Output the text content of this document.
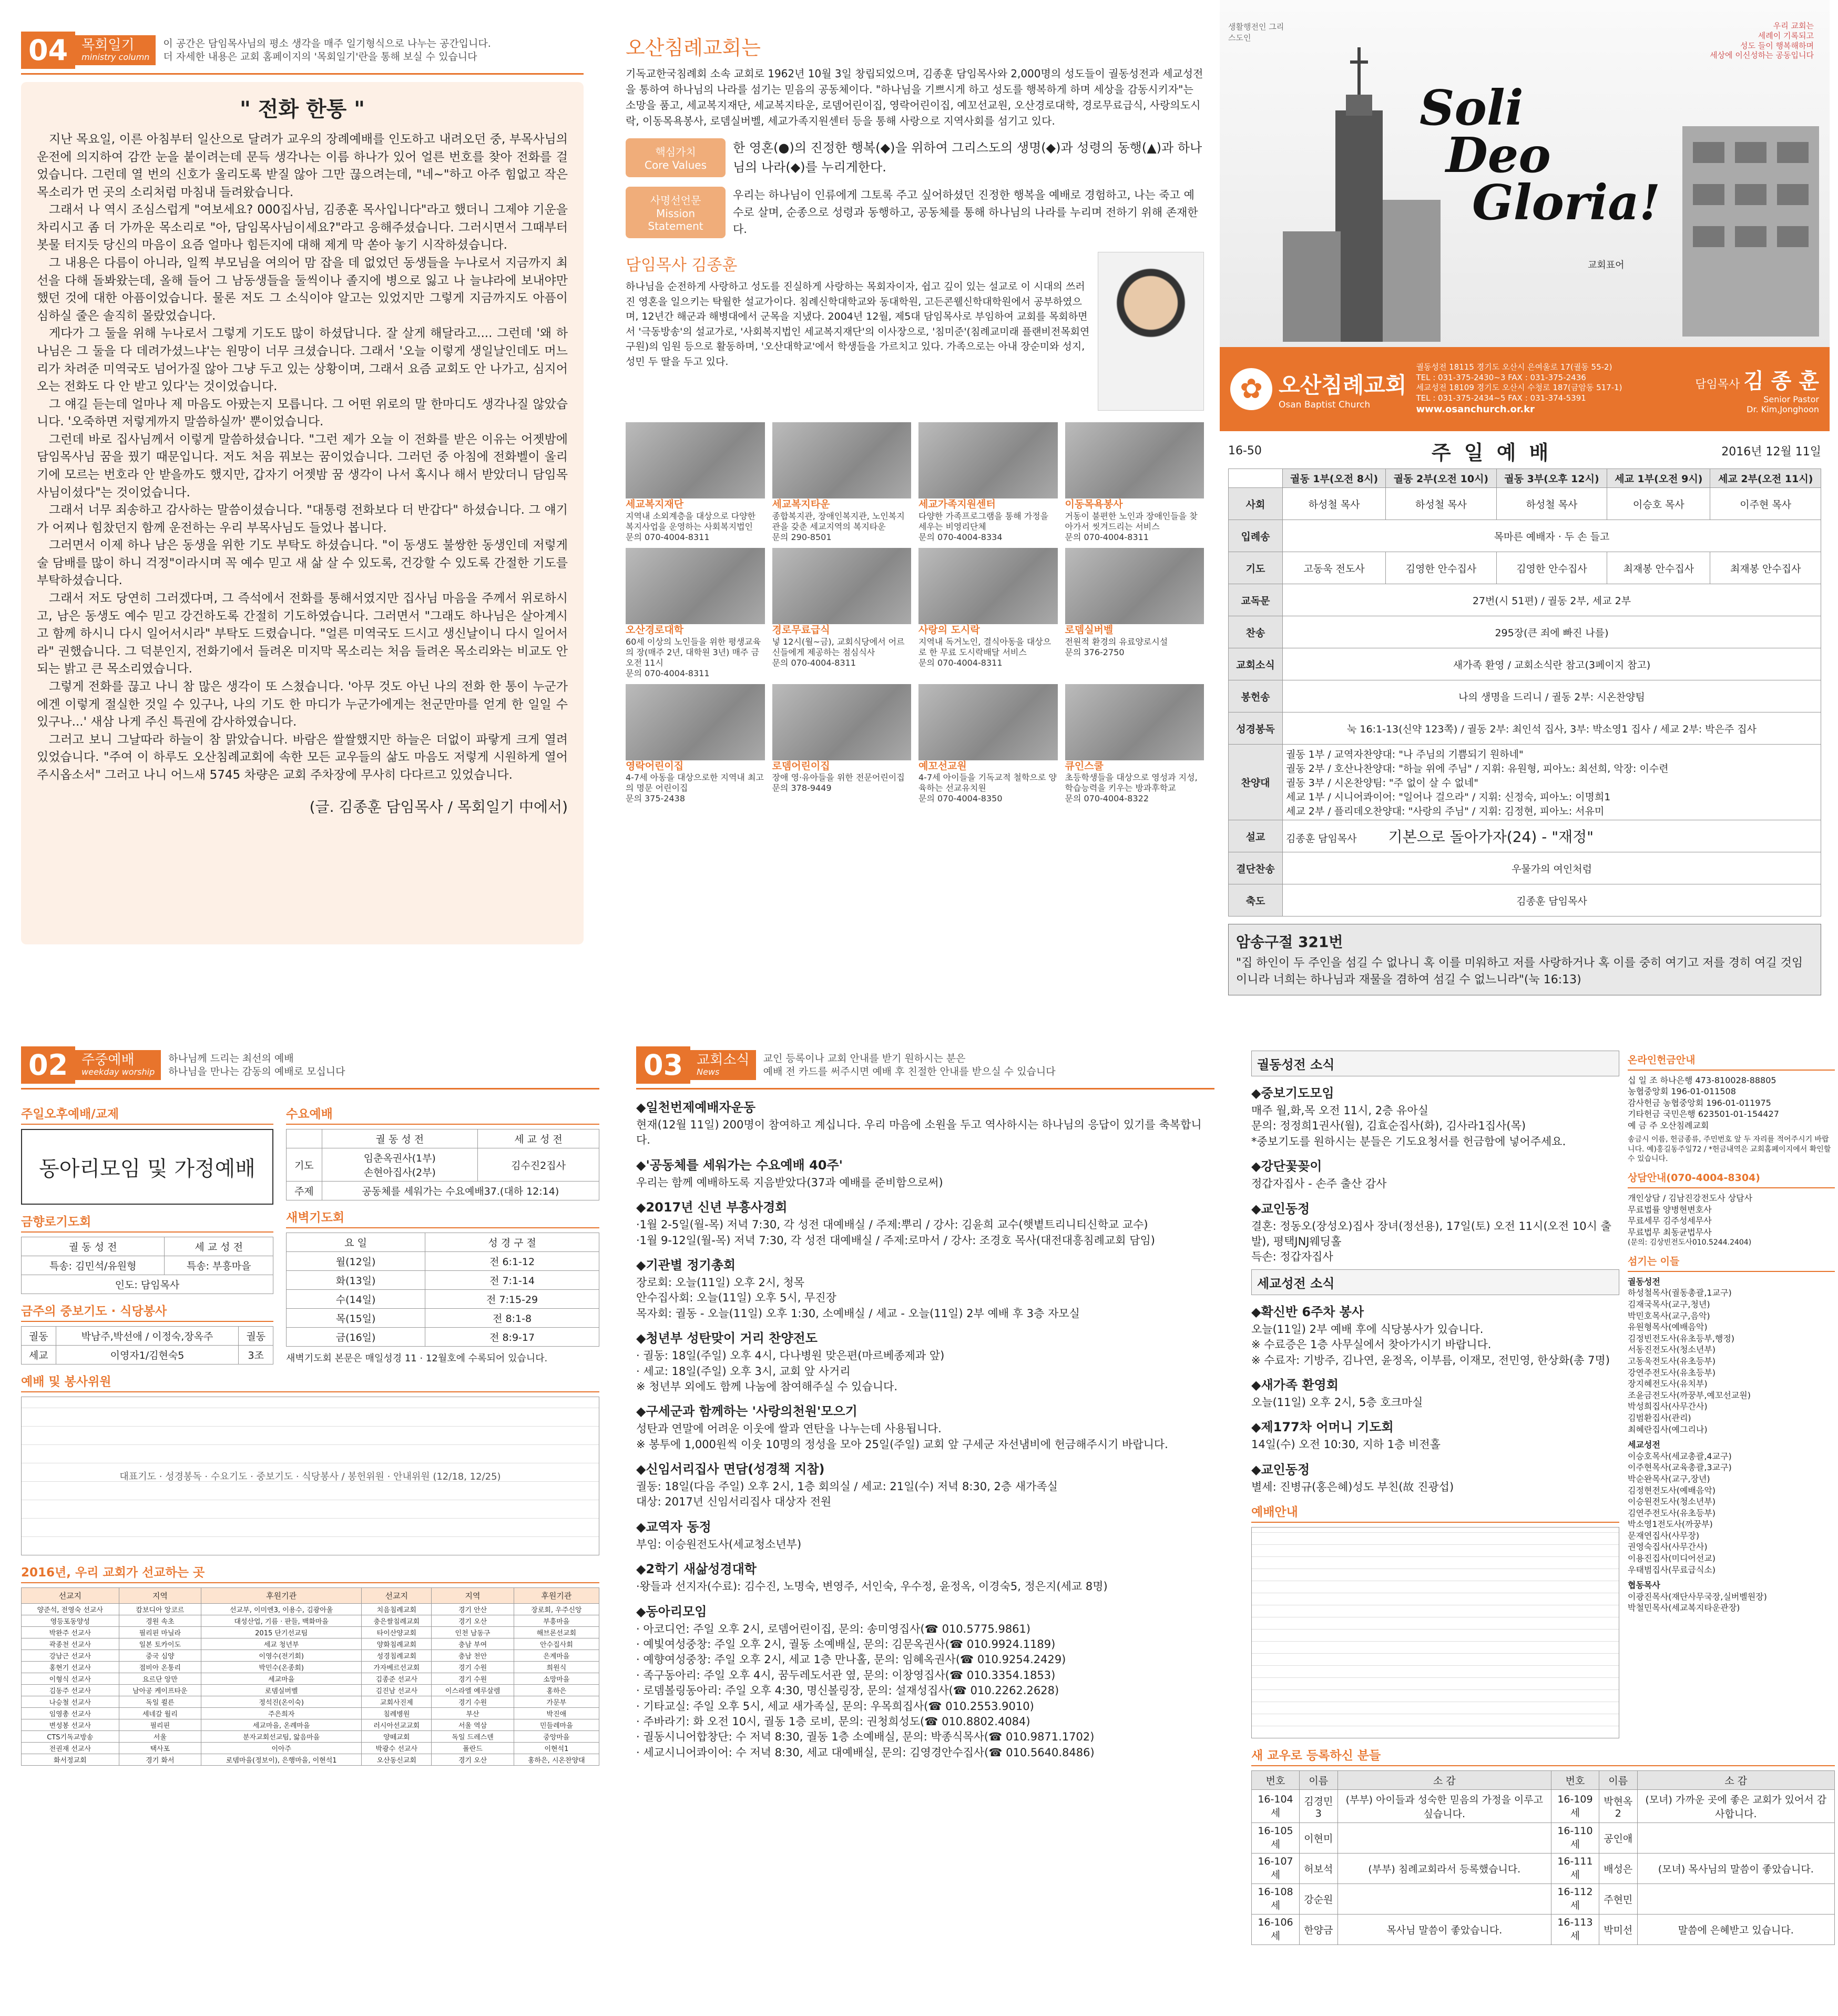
04	목회일기
ministry column
이 공간은 담임목사님의 평소 생각을 매주 일기형식으로 나누는 공간입니다.
더 자세한 내용은 교회 홈페이지의 '목회일기'란을 통해 보실 수 있습니다
" 전화 한통 "

지난 목요일, 이른 아침부터 일산으로 달려가 교우의 장례예배를 인도하고 내려오던 중, 부목사님의 운전에 의지하여 감깐 눈을 붙이려는데 문득 생각나는 이름 하나가 있어 얼른 번호를 찾아 전화를 걸었습니다. 그런데 열 번의 신호가 울리도록 받질 않아 그만 끊으려는데, "네~"하고 아주 힘없고 작은 목소리가 먼 곳의 소리처럼 마침내 들려왔습니다.

그래서 나 역시 조심스럽게 "여보세요? 000집사님, 김종훈 목사입니다"라고 했더니 그제야 기운을 차리시고 좀 더 가까운 목소리로 "아, 담임목사님이세요?"라고 응해주셨습니다. 그러시면서 그때부터 봇물 터지듯 당신의 마음이 요즘 얼마나 힘든지에 대해 제게 막 쏟아 놓기 시작하셨습니다.

그 내용은 다름이 아니라, 일찍 부모님을 여의어 맘 잡을 데 없었던 동생들을 누나로서 지금까지 최선을 다해 돌봐왔는데, 올해 들어 그 남동생들을 둘씩이나 졸지에 병으로 잃고 나 늘냐라에 보내야만 했던 것에 대한 아픔이었습니다. 물론 저도 그 소식이야 알고는 있었지만 그렇게 지금까지도 아픔이 심하실 줄은 솔직히 몰랐었습니다.

게다가 그 둘을 위해 누나로서 그렇게 기도도 많이 하셨답니다. 잘 살게 해달라고.... 그런데 '왜 하나님은 그 둘을 다 데려가셨느냐'는 원망이 너무 크셨습니다. 그래서 '오늘 이렇게 생일날인데도 머느리가 차려준 미역국도 넘어가질 않아 그냥 두고 있는 상황이며, 그래서 요즘 교회도 안 나가고, 심지어 오는 전화도 다 안 받고 있다'는 것이었습니다.

그 얘길 듣는데 얼마나 제 마음도 아팠는지 모릅니다. 그 어떤 위로의 말 한마디도 생각나질 않았습니다. '오죽하면 저렇게까지 말씀하실까' 뿐이었습니다.

그런데 바로 집사님께서 이렇게 말씀하셨습니다. "그런 제가 오늘 이 전화를 받은 이유는 어젯밤에 담임목사님 꿈을 꿨기 때문입니다. 저도 처음 꿔보는 꿈이었습니다. 그러던 중 아침에 전화벨이 울리기에 모르는 번호라 안 받을까도 했지만, 갑자기 어젯밤 꿈 생각이 나서 혹시나 해서 받았더니 담임목사님이셨다"는 것이었습니다.

그래서 너무 죄송하고 감사하는 말씀이셨습니다. "대통령 전화보다 더 반갑다" 하셨습니다. 그 얘기가 어찌나 힘찼던지 함께 운전하는 우리 부목사님도 들었나 봅니다.

그러면서 이제 하나 남은 동생을 위한 기도 부탁도 하셨습니다. "이 동생도 불쌍한 동생인데 저렇게 술 담배를 많이 하니 걱정"이라시며 꼭 예수 믿고 새 삶 살 수 있도록, 건강할 수 있도록 간절한 기도를 부탁하셨습니다.

그래서 저도 당연히 그러겠다며, 그 즉석에서 전화를 통해서였지만 집사님 마음을 주께서 위로하시고, 남은 동생도 예수 믿고 강건하도록 간절히 기도하였습니다. 그러면서 "그래도 하나님은 살아계시고 함께 하시니 다시 일어서시라" 부탁도 드렸습니다. "얼른 미역국도 드시고 생신날이니 다시 일어서라" 권했습니다. 그 덕분인지, 전화기에서 들려온 미지막 목소리는 처음 들려온 목소리와는 비교도 안되는 밝고 큰 목소리였습니다.

그렇게 전화를 끊고 나니 참 많은 생각이 또 스쳤습니다. '아무 것도 아닌 나의 전화 한 통이 누군가에겐 이렇게 절실한 것일 수 있구나, 나의 기도 한 마디가 누군가에게는 천군만마를 얻게 한 일일 수 있구나...' 새삼 나게 주신 특권에 감사하였습니다.

그러고 보니 그날따라 하늘이 참 맑았습니다. 바람은 쌀쌀했지만 하늘은 더없이 파랗게 크게 열려 있었습니다. "주여 이 하루도 오산침례교회에 속한 모든 교우들의 삶도 마음도 저렇게 시원하게 열어주시옵소서" 그러고 나니 어느새 5745 차량은 교회 주차장에 무사히 다다르고 있었습니다.

(글. 김종훈 담임목사 / 목회일기 中에서)
오산침례교회는

기독교한국침례회 소속 교회로 1962년 10월 3일 창립되었으며, 김종훈 담임목사와 2,000명의 성도들이 궐동성전과 세교성전을 통하여 하나님의 나라를 섬기는 믿음의 공동체이다. "하나님을 기쁘시게 하고 성도를 행복하게 하며 세상을 감동시키자"는 소망을 품고, 세교복지재단, 세교복지타운, 로뎀어린이집, 영락어린이집, 예꼬선교원, 오산경로대학, 경로무료급식, 사랑의도시락, 이동목욕봉사, 로뎀실버벨, 세교가족지원센터 등을 통해 사랑으로 지역사회를 섬기고 있다.

핵심가치
Core Values
한 영혼(●)의 진정한 행복(◆)을 위하여 그리스도의 생명(◆)과 성령의 동행(▲)과 하나님의 나라(◆)를 누리게한다.
사명선언문
Mission Statement
우리는 하나님이 인류에게 그토록 주고 싶어하셨던 진정한 행복을 예배로 경험하고, 나는 죽고 예수로 살며, 순종으로 성령과 동행하고, 공동체를 통해 하나님의 나라를 누리며 전하기 위해 존재한다.
담임목사 김종훈

하나님을 순전하게 사랑하고 성도를 진실하게 사랑하는 목회자이자, 쉽고 깊이 있는 설교로 이 시대의 쓰러진 영혼을 일으키는 탁월한 설교가이다. 침례신학대학교와 동대학원, 고든콘웰신학대학원에서 공부하였으며, 12년간 해군과 해병대에서 군목을 지냈다. 2004년 12월, 제5대 담임목사로 부임하여 교회를 목회하면서 '극동방송'의 설교가로, '사회복지법인 세교복지재단'의 이사장으로, '침미준'(침례교미래 플랜비전목회연구원)의 임원 등으로 활동하며, '오산대학교'에서 학생들을 가르치고 있다. 가족으로는 아내 장순미와 성지, 성민 두 딸을 두고 있다.

세교복지재단
지역내 소외계층을 대상으로 다양한 복지사업을 운영하는 사회복지법인
문의 070-4004-8311
세교복지타운
종합복지관, 장애인복지관, 노인복지관을 갖춘 세교지역의 복지타운
문의 290-8501
세교가족지원센터
다양한 가족프로그램을 통해 가정을 세우는 비영리단체
문의 070-4004-8334
이동목욕봉사
거동이 불편한 노인과 장애인들을 찾아가서 씻겨드리는 서비스
문의 070-4004-8311
오산경로대학
60세 이상의 노인들을 위한 평생교육의 장(매주 2년, 대학원 3년) 매주 금 오전 11시
문의 070-4004-8311
경로무료급식
넣 12시(월~금), 교회식당에서 어르신들에게 제공하는 점심식사
문의 070-4004-8311
사랑의 도시락
지역내 독거노인, 결식아동을 대상으로 한 무료 도시락배달 서비스
문의 070-4004-8311
로뎀실버벨
전원적 환경의 유료양로시설
문의 376-2750
영락어린이집
4-7세 아동을 대상으로한 지역내 최고의 명문 어린이집
문의 375-2438
로뎀어린이집
장애 영·유아들을 위한 전문어린이집
문의 378-9449
예꼬선교원
4-7세 아이들을 기독교적 철학으로 양육하는 선교유치원
문의 070-4004-8350
큐인스쿨
초등학생들을 대상으로 영성과 지성, 학습능력을 키우는 방과후학교
문의 070-4004-8322
생활행전인 그리스도인
우리 교회는
세례이 기록되고
성도 들이 행복해하며
세상에 이신성하는 공동입니다
Soli
Deo
Gloria!
교회표어
✿ 오산침례교회
Osan Baptist Church
궐동성전 18115 경기도 오산시 은여울로 17(궐동 55-2)
TEL : 031-375-2430~3 FAX : 031-375-2436
세교성전 18109 경기도 오산시 수청로 187(금암동 517-1)
TEL : 031-375-2434~5 FAX : 031-374-5391
www.osanchurch.or.kr
담임목사 김 종 훈
Senior Pastor
Dr. Kim,Jonghoon
16-50	주 일 예 배	2016년 12월 11일
	궐동 1부(오전 8시)	궐동 2부(오전 10시)	궐동 3부(오후 12시)	세교 1부(오전 9시)	세교 2부(오전 11시)
사회	하성철 목사	하성철 목사	하성철 목사	이승호 목사	이주현 목사
입례송	목마른 예배자 · 두 손 들고				
기도	고동욱 전도사	김영한 안수집사	김영한 안수집사	최재봉 안수집사	최재봉 안수집사
교독문	27번(시 51편) / 궐동 2부, 세교 2부				
찬송	295장(큰 죄에 빠진 나를)				
교회소식	새가족 환영 / 교회소식란 참고(3페이지 참고)				
봉헌송	나의 생명을 드리니 / 궐동 2부: 시온찬양팀				
성경봉독	눅 16:1-13(신약 123쪽) / 궐동 2부: 최인석 집사, 3부: 박소영1 집사 / 세교 2부: 박은주 집사				
찬양대	궐동 1부 / 교역자찬양대: "나 주님의 기쁨되기 원하네"
궐동 2부 / 호산나찬양대: "하늘 위에 주님" / 지휘: 유원형, 피아노: 최선희, 악장: 이수련
궐동 3부 / 시온찬양팀: "주 없이 살 수 없네"
세교 1부 / 시니어콰이어: "일어나 걸으라" / 지휘: 신정숙, 피아노: 이명희1
세교 2부 / 플리데오찬양대: "사랑의 주님" / 지휘: 김정현, 피아노: 서유미				

설교	김종훈 담임목사 기본으로 돌아가자(24) - "재정"				
결단찬송	우물가의 여인처럼				
축도	김종훈 담임목사				
암송구절 321번
"집 하인이 두 주인을 섬길 수 없나니 혹 이를 미워하고 저를 사랑하거나 혹 이를 중히 여기고 저를 경히 여길 것임이니라 너희는 하나님과 재물을 겸하여 섬길 수 없느니라"(눅 16:13)
02	주중예배
weekday worship
하나님께 드리는 최선의 예배
하나님을 만나는 감동의 예배로 모십니다
주일오후예배/교제
동아리모임 및 가정예배
금향로기도회
궐 동 성 전	세 교 성 전
특송: 김민석/유원형	특송: 부흥마을
인도: 담임목사	
금주의 중보기도 · 식당봉사
궐동	박남주,박선애 / 이정숙,장옥주	궐동
세교	이영자1/김현숙5	3조
수요예배
	궐 동 성 전	세 교 성 전
기도	임춘옥권사(1부)
손현아집사(2부)	김수진2집사
주제	공동체를 세워가는 수요예배37.(대하 12:14)	
새벽기도회
요 일	성 경 구 절
월(12일)	전 6:1-12
화(13일)	전 7:1-14
수(14일)	전 7:15-29
목(15일)	전 8:1-8
금(16일)	전 8:9-17
새벽기도회 본문은 매일성경 11 · 12월호에 수록되어 있습니다.
예배 및 봉사위원
대표기도 · 성경봉독 · 수요기도 · 중보기도 · 식당봉사 / 봉헌위원 · 안내위원 (12/18, 12/25)
2016년, 우리 교회가 선교하는 곳
선교지	지역	후원기관	선교지	지역	후원기관
양준석, 전영숙 선교사	캄보디아 앙코르	선교부, 이미엔3, 이용수, 김광아울	치음침례교회	경기 안산	장로회, 우주신앙
영등포동양성	경원 속초	대성산업, 기름 · 판들, 백화마을	충은쌀침례교회	경기 오산	부흥마을
박완주 선교사	필리핀 마닐라	2015 단기선교팀	타이산양교회	인천 남동구	해브론선교회
곽종천 선교사	일본 토카이도	세교 청년부	양화침례교회	충남 부여	안수집사회
강남근 선교사	중국 심양	이영수(전기회)	성경침례교회	충남 천안	은계마을
홍현기 선교사	점비아 온통리	박민수(온종회)	가자베르선교회	경기 수원	희원식
이형식 선교사	요르단 앙만	세교마을	김종준 선교사	경기 수원	소망마을
김동주 선교사	남아공 케이프타운	로뎀실버벨	김진남 선교사	이스라엘 예루살렘	홍하은
나승철 선교사	독일 쾰른	정석진(온이숙)	교회사진제	경기 수원	가문부
임영총 선교사	세네갈 월리	주은희자	침례병원	부산	박진애
변성봉 선교사	필리핀	세교마을, 온례마을	러시아선교교회	서울 역삼	민들레마을
CTS기독교방송	서울	분자교회선교팀, 앓음마을	양떼교회	독일 드레스덴	중앙마을
전권재 선교사	택사포	이아주	박광수 선교사	폴란드	이현석1
화서정교회	경기 화서	로뎀마을(정보이), 은행마을, 이현석1	오산동신교회	경기 오산	홍하은, 시온찬양대
03	교회소식
News
교인 등록이나 교회 안내를 받기 원하시는 분은
예배 전 카드를 써주시면 예배 후 친절한 안내를 받으실 수 있습니다
◆일천번제예배자운동

현재(12월 11일) 200명이 참여하고 계십니다. 우리 마음에 소원을 두고 역사하시는 하나님의 응답이 있기를 축복합니다.

◆'공동체를 세워가는 수요예배 40주'

우리는 함께 예배하도록 지음받았다(37과 예배를 준비함으로써)

◆2017년 신년 부흥사경회

·1월 2-5일(월-목) 저녁 7:30, 각 성전 대예배실 / 주제:뿌리 / 강사: 김윤희 교수(햇볕트리니티신학교 교수)
·1월 9-12일(월-목) 저녁 7:30, 각 성전 대예배실 / 주제:로마서 / 강사: 조경호 목사(대전대흥침례교회 담임)

◆기관별 정기총회

장로회: 오늘(11일) 오후 2시, 청목
안수집사회: 오늘(11일) 오후 5시, 무진장
목자회: 궐동 - 오늘(11일) 오후 1:30, 소예배실 / 세교 - 오늘(11일) 2부 예배 후 3층 자모실

◆청년부 성탄맞이 거리 찬양전도

· 궐동: 18일(주일) 오후 4시, 다나병원 맞은편(마르베종제과 앞)
· 세교: 18일(주일) 오후 3시, 교회 앞 사거리
※ 청년부 외에도 함께 나눔에 참여해주실 수 있습니다.

◆구세군과 함께하는 '사랑의천원'모으기

성탄과 연말에 어려운 이웃에 쌀과 연탄을 나누는데 사용됩니다.
※ 봉투에 1,000원씩 이웃 10명의 정성을 모아 25일(주일) 교회 앞 구세군 자선냄비에 헌금해주시기 바랍니다.

◆신임서리집사 면담(성경책 지참)

궐동: 18일(다음 주일) 오후 2시, 1층 회의실 / 세교: 21일(수) 저녁 8:30, 2층 새가족실
대상: 2017년 신임서리집사 대상자 전원

◆교역자 동정

부임: 이승원전도사(세교청소년부)

◆2학기 새삶성경대학

·왕들과 선지자(수료): 김수진, 노명숙, 변영주, 서인숙, 우수정, 윤정옥, 이경숙5, 정은지(세교 8명)

◆동아리모임

· 아코디언: 주일 오후 2시, 로뎀어린이집, 문의: 송미영집사(☎ 010.5775.9861)
· 예빛여성중창: 주일 오후 2시, 궐동 소예배실, 문의: 김문옥권사(☎ 010.9924.1189)
· 예향여성중창: 주일 오후 2시, 세교 1층 만나홀, 문의: 임혜옥권사(☎ 010.9254.2429)
· 족구동아리: 주일 오후 4시, 꿈두레도서관 옆, 문의: 이창영집사(☎ 010.3354.1853)
· 로뎀볼링동아리: 주일 오후 4:30, 명신볼링장, 문의: 설재성집사(☎ 010.2262.2628)
· 기타교실: 주일 오후 5시, 세교 새가족실, 문의: 우목희집사(☎ 010.2553.9010)
· 주바라기: 화 오전 10시, 궐동 1층 로비, 문의: 권청희성도(☎ 010.8802.4084)
· 궐동시니어합창단: 수 저녁 8:30, 궐동 1층 소예배실, 문의: 박종식목사(☎ 010.9871.1702)
· 세교시니어콰이어: 수 저녁 8:30, 세교 대예배실, 문의: 김영경안수집사(☎ 010.5640.8486)

궐동성전 소식
◆중보기도모임

매주 월,화,목 오전 11시, 2층 유아실
문의: 정정희1권사(월), 김효순집사(화), 김사라1집사(목)
*중보기도를 원하시는 분들은 기도요청서를 헌금함에 넣어주세요.

◆강단꽃꽂이

정갑자집사 - 손주 출산 감사

◆교인동정

결혼: 정동오(장성오)집사 장녀(정선용), 17일(토) 오전 11시(오전 10시 출발), 평택JNJ웨딩홀
득손: 정갑자집사

세교성전 소식
◆확신반 6주차 봉사

오늘(11일) 2부 예배 후에 식당봉사가 있습니다.
※ 수료증은 1층 사무실에서 찾아가시기 바랍니다.
※ 수료자: 기방주, 김나연, 윤정옥, 이부름, 이재모, 전민영, 한상화(총 7명)

◆새가족 환영회

오늘(11일) 오후 2시, 5층 호크마실

◆제177차 어머니 기도회

14일(수) 오전 10:30, 지하 1층 비전홀

◆교인동정

별세: 진병규(홍은혜)성도 부친(故 진광섭)

예배안내
온라인헌금안내
십 일 조 하나은행 473-810028-88805
농협중앙회 196-01-011508
감사헌금 농협중앙회 196-01-011975
기타헌금 국민은행 623501-01-154427
예 금 주 오산침례교회
송금시 이름, 헌금종류, 주민번호 앞 두 자리를 적어주시기 바랍니다. 예)홍길동주일72 / *헌금내역은 교회홈페이지에서 확인할 수 있습니다.
상담안내(070-4004-8304)
개인상담 / 김남진강전도사 상담사
무료법률 양병현변호사
무료세무 김주성세무사
무료법무 최동균법무사
(문의: 김상빈전도사010.5244.2404)
섬기는 이들
궐동성전
하성철목사(궐동총괄,1교구)
김재국목사(교구,청년)
박민호목사(교구,음악)
유원형목사(예배음악)
김정빈전도사(유초등부,행정)
서동진전도사(청소년부)
고동욱전도사(유초등부)
강연주전도사(유초등부)
장지혜전도사(유치부)
조윤금전도사(까꿍부,예꼬선교원)
박성희집사(사무간사)
김범환집사(관리)
최혜란집사(예그리나)
세교성전
이승호목사(세교총괄,4교구)
이주현목사(교육총괄,3교구)
박순완목사(교구,장년)
김정현전도사(예배음악)
이승원전도사(청소년부)
김연주전도사(유초등부)
박소영1전도사(까꿍부)
문재연집사(사무장)
권영숙집사(사무간사)
이용진집사(미디어선교)
우태범집사(무료급식소)
협동목사
이광진목사(재단사무국장,실버벨원장)
박철민목사(세교복지타운관장)
새 교우로 등록하신 분들
번호	이름	소 감	번호	이름	소 감
16-104세	김경민3	(부부) 아이들과 성숙한 믿음의 가정을 이루고 싶습니다.	16-109세	박현옥2	(모녀) 가까운 곳에 좋은 교회가 있어서 감사합니다.
16-105세	이현미		16-110세	공인애	
16-107세	허보석	(부부) 침례교회라서 등록했습니다.	16-111세	배성은	(모녀) 목사님의 말씀이 좋았습니다.
16-108세	강순원		16-112세	주현민	
16-106세	한양금	목사님 말씀이 좋았습니다.	16-113세	박미선	말씀에 은혜받고 있습니다.
